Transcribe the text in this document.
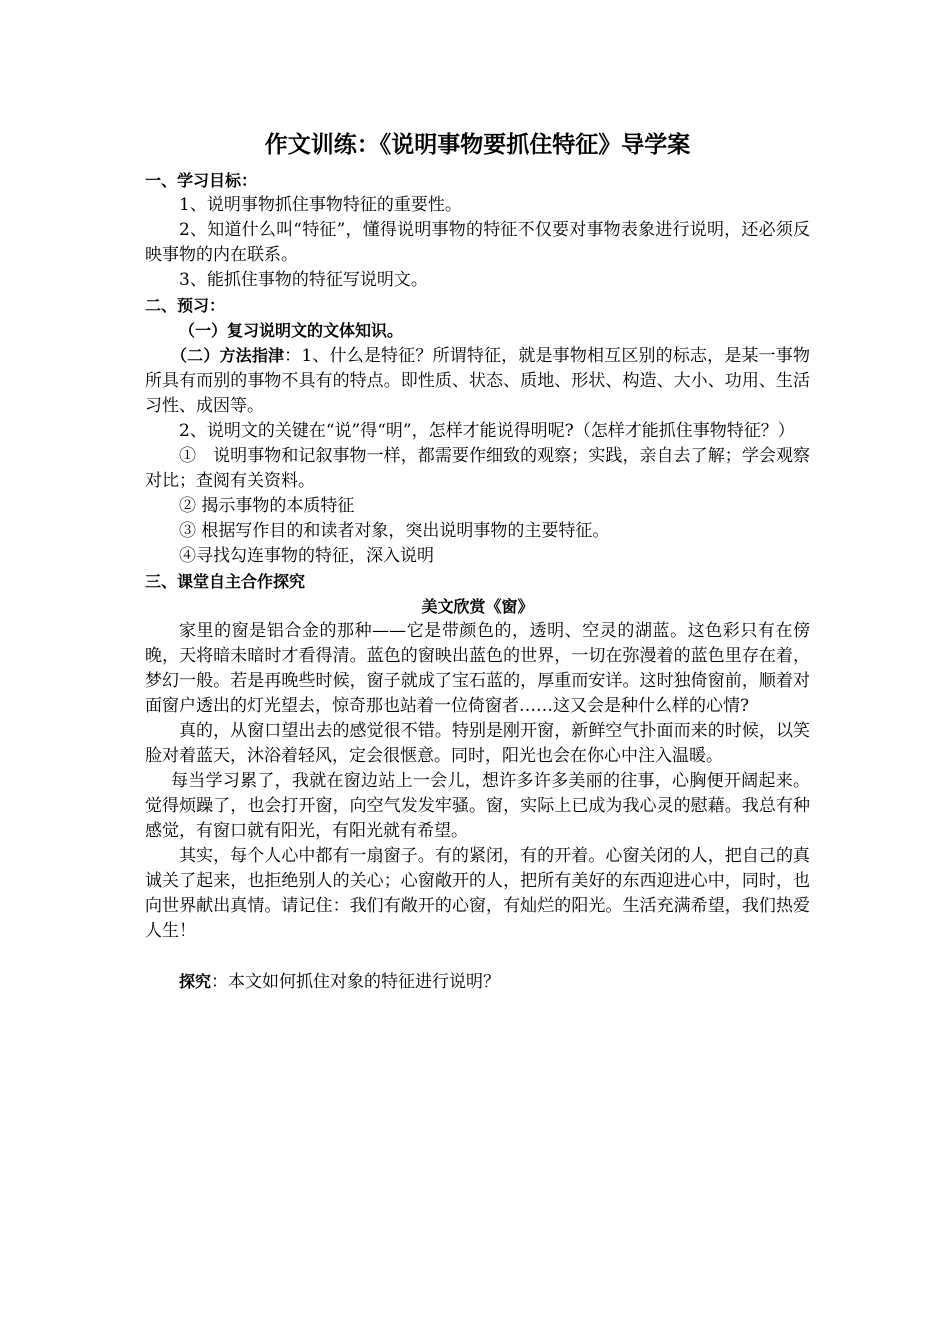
作文训练：《说明事物要抓住特征》导学案
一、学习目标：

1、说明事物抓住事物特征的重要性。

2、知道什么叫“特征”，懂得说明事物的特征不仅要对事物表象进行说明，还必须反映事物的内在联系。

3、能抓住事物的特征写说明文。

二、预习：

（一）复习说明文的文体知识。

（二）方法指津：1、什么是特征？所谓特征，就是事物相互区别的标志，是某一事物所具有而别的事物不具有的特点。即性质、状态、质地、形状、构造、大小、功用、生活习性、成因等。

2、说明文的关键在“说”得“明”，怎样才能说得明呢?（怎样才能抓住事物特征？）

①　说明事物和记叙事物一样，都需要作细致的观察；实践，亲自去了解；学会观察对比；查阅有关资料。

② 揭示事物的本质特征

③ 根据写作目的和读者对象，突出说明事物的主要特征。

④寻找勾连事物的特征，深入说明

三、课堂自主合作探究
美文欣赏《窗》

家里的窗是铝合金的那种——它是带颜色的，透明、空灵的湖蓝。这色彩只有在傍晚，天将暗未暗时才看得清。蓝色的窗映出蓝色的世界，一切在弥漫着的蓝色里存在着，梦幻一般。若是再晚些时候，窗子就成了宝石蓝的，厚重而安详。这时独倚窗前，顺着对面窗户透出的灯光望去，惊奇那也站着一位倚窗者……这又会是种什么样的心情?

真的，从窗口望出去的感觉很不错。特别是刚开窗，新鲜空气扑面而来的时候，以笑脸对着蓝天，沐浴着轻风，定会很惬意。同时，阳光也会在你心中注入温暖。

每当学习累了，我就在窗边站上一会儿，想许多许多美丽的往事，心胸便开阔起来。觉得烦躁了，也会打开窗，向空气发发牢骚。窗，实际上已成为我心灵的慰藉。我总有种感觉，有窗口就有阳光，有阳光就有希望。

其实，每个人心中都有一扇窗子。有的紧闭，有的开着。心窗关闭的人，把自己的真诚关了起来，也拒绝别人的关心；心窗敞开的人，把所有美好的东西迎进心中，同时，也向世界献出真情。请记住：我们有敞开的心窗，有灿烂的阳光。生活充满希望，我们热爱人生！

探究：本文如何抓住对象的特征进行说明？
